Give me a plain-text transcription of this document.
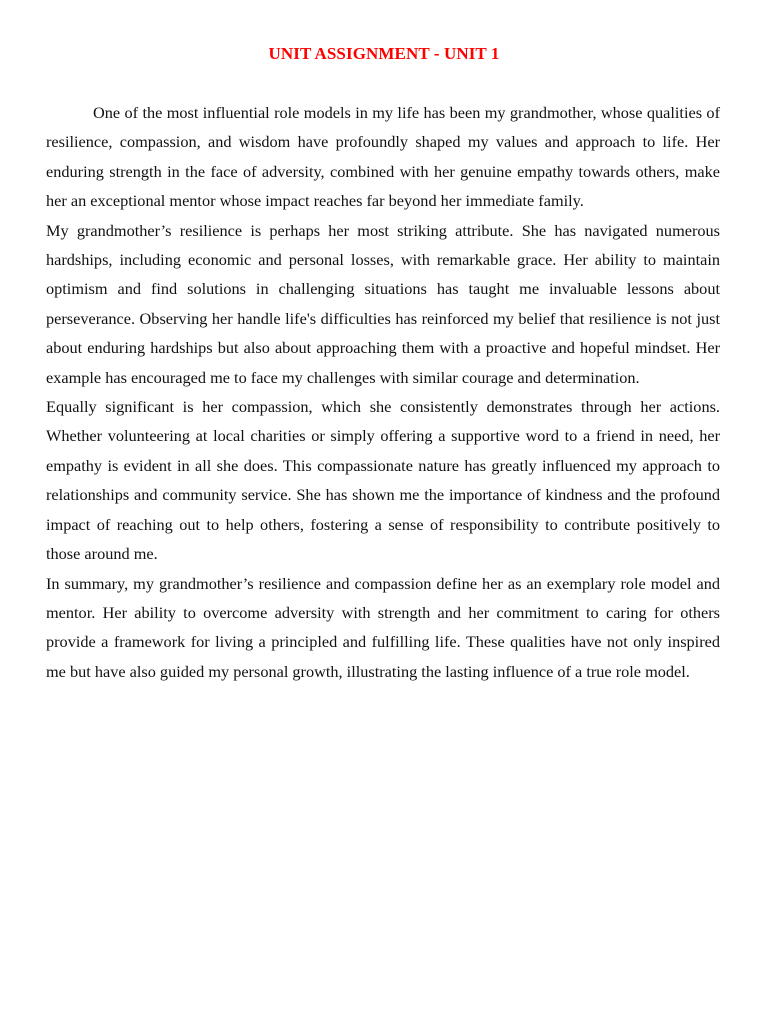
UNIT ASSIGNMENT - UNIT 1

One of the most influential role models in my life has been my grandmother, whose qualities of resilience, compassion, and wisdom have profoundly shaped my values and approach to life. Her enduring strength in the face of adversity, combined with her genuine empathy towards others, make her an exceptional mentor whose impact reaches far beyond her immediate family.

My grandmother’s resilience is perhaps her most striking attribute. She has navigated numerous hardships, including economic and personal losses, with remarkable grace. Her ability to maintain optimism and find solutions in challenging situations has taught me invaluable lessons about perseverance. Observing her handle life's difficulties has reinforced my belief that resilience is not just about enduring hardships but also about approaching them with a proactive and hopeful mindset. Her example has encouraged me to face my challenges with similar courage and determination.

Equally significant is her compassion, which she consistently demonstrates through her actions. Whether volunteering at local charities or simply offering a supportive word to a friend in need, her empathy is evident in all she does. This compassionate nature has greatly influenced my approach to relationships and community service. She has shown me the importance of kindness and the profound impact of reaching out to help others, fostering a sense of responsibility to contribute positively to those around me.

In summary, my grandmother’s resilience and compassion define her as an exemplary role model and mentor. Her ability to overcome adversity with strength and her commitment to caring for others provide a framework for living a principled and fulfilling life. These qualities have not only inspired me but have also guided my personal growth, illustrating the lasting influence of a true role model.
